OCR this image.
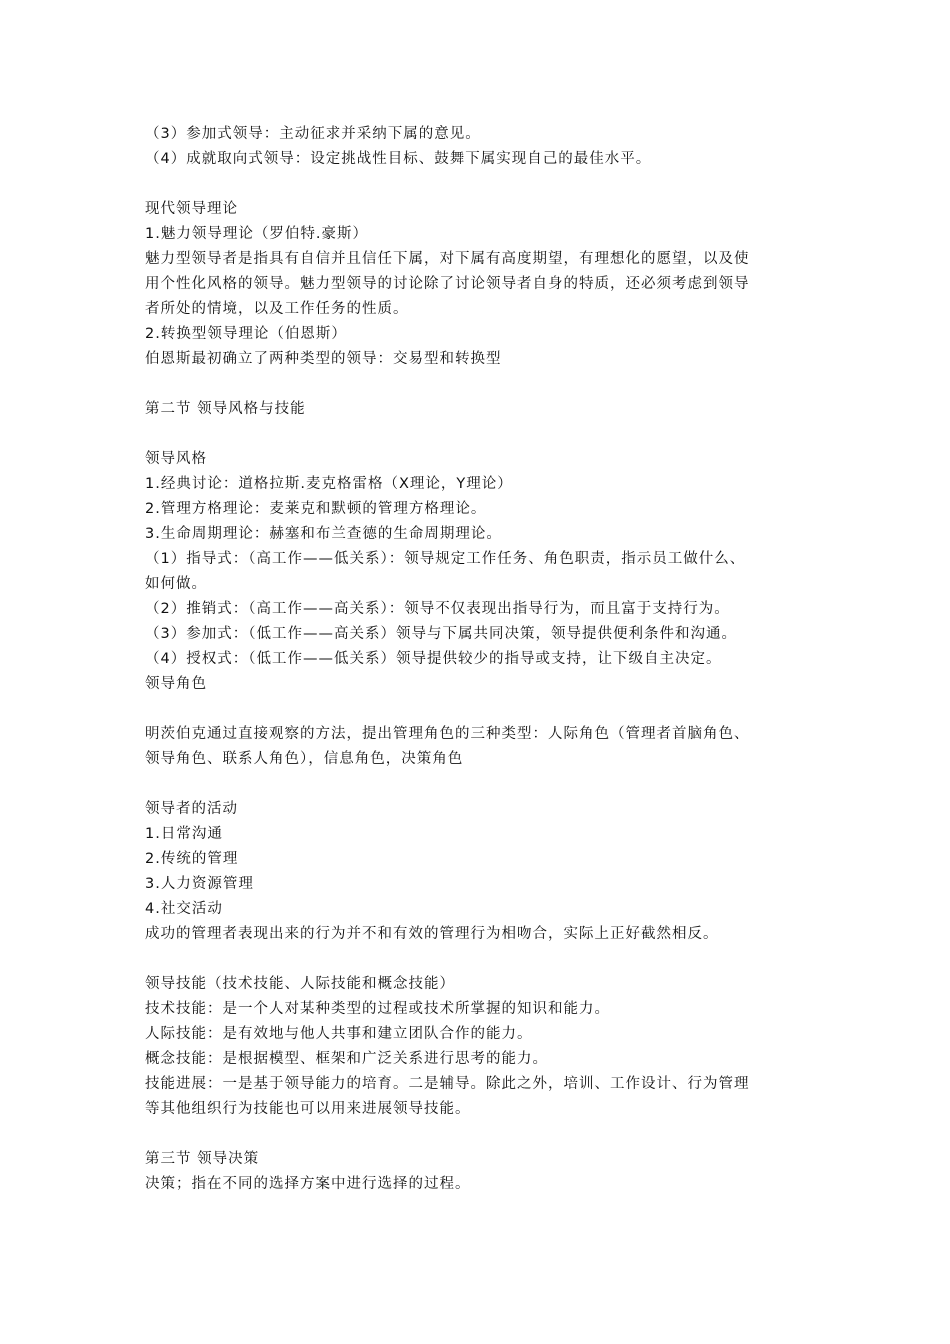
（3）参加式领导：主动征求并采纳下属的意见。
（4）成就取向式领导：设定挑战性目标、鼓舞下属实现自己的最佳水平。
现代领导理论
1.魅力领导理论（罗伯特.豪斯）
魅力型领导者是指具有自信并且信任下属，对下属有高度期望，有理想化的愿望，以及使
用个性化风格的领导。魅力型领导的讨论除了讨论领导者自身的特质，还必须考虑到领导
者所处的情境，以及工作任务的性质。
2.转换型领导理论（伯恩斯）
伯恩斯最初确立了两种类型的领导：交易型和转换型
第二节 领导风格与技能
领导风格
1.经典讨论：道格拉斯.麦克格雷格（X理论，Y理论）
2.管理方格理论：麦莱克和默顿的管理方格理论。
3.生命周期理论：赫塞和布兰查德的生命周期理论。
（1）指导式：（高工作——低关系）：领导规定工作任务、角色职责，指示员工做什么、
如何做。
（2）推销式：（高工作——高关系）：领导不仅表现出指导行为，而且富于支持行为。
（3）参加式：（低工作——高关系）领导与下属共同决策，领导提供便利条件和沟通。
（4）授权式：（低工作——低关系）领导提供较少的指导或支持，让下级自主决定。
领导角色
明茨伯克通过直接观察的方法，提出管理角色的三种类型：人际角色（管理者首脑角色、
领导角色、联系人角色），信息角色，决策角色
领导者的活动
1.日常沟通
2.传统的管理
3.人力资源管理
4.社交活动
成功的管理者表现出来的行为并不和有效的管理行为相吻合，实际上正好截然相反。
领导技能（技术技能、人际技能和概念技能）
技术技能：是一个人对某种类型的过程或技术所掌握的知识和能力。
人际技能：是有效地与他人共事和建立团队合作的能力。
概念技能：是根据模型、框架和广泛关系进行思考的能力。
技能进展：一是基于领导能力的培育。二是辅导。除此之外，培训、工作设计、行为管理
等其他组织行为技能也可以用来进展领导技能。
第三节 领导决策
决策；指在不同的选择方案中进行选择的过程。
